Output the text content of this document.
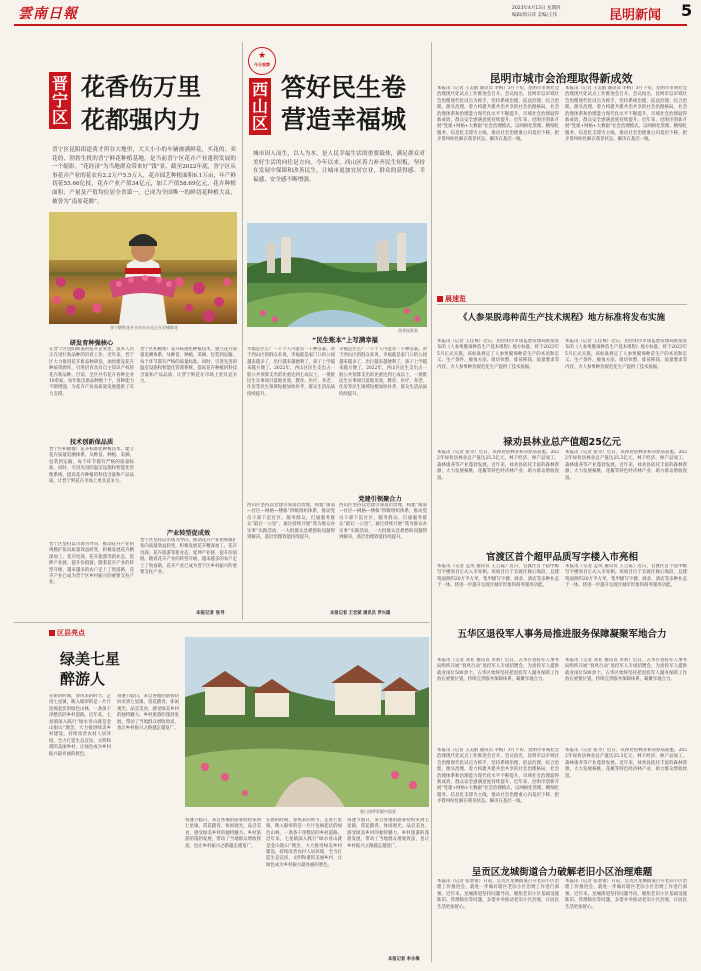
雲南日報	2023年4月13日 星期四
编辑/郭日萍 美编/王伟	昆明新闻 5
晋宁区
花香伤万里
花都强内力
晋宁区昆阳街道黄才所谷大地里，大大小小的车辆被满鲜花，买花的、卖花的，勃勃生机的晋宁鲜花种植基地，是当前晋宁区花卉产业蓬勃发展的一个缩影。“花经济”为当地群众带来好“钱”景。截至2022年底，晋宁区从事花卉产业的花农有2.2万户5.5万人，花卉园艺种植面积6.1万亩，年产鲜切花55.66亿枝，花卉产业产值34亿元，加工产值58.69亿元，花卉种植面积、产量及产值均位居全省第一，已成为全国唯一的鲜切花种植大县，被誉为“南原花都”。
晋宁钢铁花卉合作社社员正在采摘鲜花
研发育种强核心
在晋宁区昆阳街道的花卉企业里，技术人员正在进行新品种的培育工作。近年来，晋宁区大力推进花卉新品种研发，加快建设花卉种质资源库，引进培育具有自主知识产权的花卉新品种。目前，全区共有花卉育种企业10余家，每年推出新品种数十个，育种能力不断增强，为花卉产业高质量发展提供了有力支撑。
技术创新保品质
晋宁区积极推广花卉标准化种植技术，建立花卉质量追溯体系，从种苗、种植、采摘、包装到运输，每个环节都有严格的质量标准。同时，引进先进的温室设施和智能化管理系统，提高花卉种植的科技含量和产品品质，让晋宁鲜花在市场上更具竞争力。
产业转型促成效
晋宁区坚持以市场为导向，推动花卉产业由规模扩张向质量效益转变，积极发展花卉精深加工、花卉电商、花卉旅游等新业态，延伸产业链、提升价值链。随着花卉产业的转型升级，越来越多的农户走上了致富路，花卉产业已成为晋宁区乡村振兴的重要支柱产业。
晋宁区积极推广花卉标准化种植技术，建立花卉质量追溯体系，从种苗、种植、采摘、包装到运输，每个环节都有严格的质量标准。同时，引进先进的温室设施和智能化管理系统，提高花卉种植的科技含量和产品品质，让晋宁鲜花在市场上更具竞争力。
晋宁区坚持以市场为导向，推动花卉产业由规模扩张向质量效益转变，积极发展花卉精深加工、花卉电商、花卉旅游等新业态，延伸产业链、提升价值链。随着花卉产业的转型升级，越来越多的农户走上了致富路，花卉产业已成为晋宁区乡村振兴的重要支柱产业。
本报记者 张寻
★
今日观察
西山区
答好民生卷
营造幸福城
城市因人而生，以人为本，是人民幸福生活的重要载体，满足群众对美好生活的向往是方向。今年以来，西山区着力补齐民生短板，坚持在发展中保障和改善民生，让城市更加宜居宜业，群众的获得感、幸福感、安全感不断增强。
西华园景象
“民生账本”上写满幸福
幸福是什么？一千个人可能有一千种答案。对于西山区的群众来说，幸福就是家门口的公园越来越多了，出行越来越便利了，孩子上学越来越方便了。2022年，西山区民生支出占一般公共预算支出的比重达到七成以上，一批批民生实事项目落地见效，教育、医疗、养老、住房等民生领域短板加快补齐，群众生活品质持续提升。
幸福是什么？一千个人可能有一千种答案。对于西山区的群众来说，幸福就是家门口的公园越来越多了，出行越来越便利了，孩子上学越来越方便了。2022年，西山区民生支出占一般公共预算支出的比重达到七成以上，一批批民生实事项目落地见效，教育、医疗、养老、住房等民生领域短板加快补齐，群众生活品质持续提升。
党建引领聚合力
西山区坚持以党建引领基层治理，构建“街道—社区—网格—楼栋”四级组织体系，推动党员干部下沉社区、服务群众，打通服务群众“最后一公里”。通过持续开展“我为群众办实事”实践活动，一大批群众急难愁盼问题得到解决，基层治理效能持续提升。
西山区坚持以党建引领基层治理，构建“街道—社区—网格—楼栋”四级组织体系，推动党员干部下沉社区、服务群众，打通服务群众“最后一公里”。通过持续开展“我为群众办实事”实践活动，一大批群众急难愁盼问题得到解决，基层治理效能持续提升。
本报记者 王宏斌 通讯员 罗兴雄
昆明市城市会治理取得新成效
本报讯（记者 王美娟 通讯员 李梅）3月下旬，昆明市市域社会治理现代化试点工作推进会召开。会议指出，昆明市以市域社会治理现代化试点为抓手，坚持系统治理、依法治理、综合治理、源头治理，着力构建共建共治共享的社会治理格局，社会治理体系和治理能力现代化水平不断提升，市域社会治理取得新成效，群众安全感满意度持续提升。近年来，昆明市创新开展“党建+网格+大数据”社会治理模式，以网格化管理、精细化服务、信息化支撑为主线，推动社会治理重心向基层下移，把矛盾纠纷化解在萌芽状态、解决在基层一线。
本报讯（记者 王美娟 通讯员 李梅）3月下旬，昆明市市域社会治理现代化试点工作推进会召开。会议指出，昆明市以市域社会治理现代化试点为抓手，坚持系统治理、依法治理、综合治理、源头治理，着力构建共建共治共享的社会治理格局，社会治理体系和治理能力现代化水平不断提升，市域社会治理取得新成效，群众安全感满意度持续提升。近年来，昆明市创新开展“党建+网格+大数据”社会治理模式，以网格化管理、精细化服务、信息化支撑为主线，推动社会治理重心向基层下移，把矛盾纠纷化解在萌芽状态、解决在基层一线。
晨速览
《人参果脱毒种苗生产技术规程》地方标准将发布实施
本报讯（记者 王佳骞）近日，由昆明市市场监督管理局批准发布的《人参果脱毒种苗生产技术规程》地方标准，将于2023年5月正式实施。该标准规定了人参果脱毒种苗生产的术语和定义、生产条件、脱毒方法、组培快繁、炼苗移栽、质量要求等内容，为人参果种苗规范化生产提供了技术依据。
本报讯（记者 王佳骞）近日，由昆明市市场监督管理局批准发布的《人参果脱毒种苗生产技术规程》地方标准，将于2023年5月正式实施。该标准规定了人参果脱毒种苗生产的术语和定义、生产条件、脱毒方法、组培快繁、炼苗移栽、质量要求等内容，为人参果种苗规范化生产提供了技术依据。
禄劝县林业总产值超25亿元
本报讯（记者 张寻）近日，从禄劝县林业和草原局获悉，2022年禄劝县林业总产值达25.3亿元，林下经济、林产品加工、森林康养等产业蓬勃发展。近年来，禄劝县依托丰富的森林资源，大力发展核桃、花椒等特色经济林产业，助力群众增收致富。
本报讯（记者 张寻）近日，从禄劝县林业和草原局获悉，2022年禄劝县林业总产值达25.3亿元，林下经济、林产品加工、森林康养等产业蓬勃发展。近年来，禄劝县依托丰富的森林资源，大力发展核桃、花椒等特色经济林产业，助力群众增收致富。
官渡区首个超甲品质写字楼入市亮相
本报讯（记者 孟岚 通讯员 王云霞）近日，官渡区首个超甲级写字楼项目正式入市亮相。该项目位于官渡区核心地段，总建筑面积约20万平方米，集甲级写字楼、商业、酒店等多种业态于一体，将进一步提升官渡区城市形象和商务服务功能。
本报讯（记者 孟岚 通讯员 王云霞）近日，官渡区首个超甲级写字楼项目正式入市亮相。该项目位于官渡区核心地段，总建筑面积约20万平方米，集甲级写字楼、商业、酒店等多种业态于一体，将进一步提升官渡区城市形象和商务服务功能。
五华区退役军人事务局推进服务保障凝聚军地合力
本报讯（记者 邓亚 通讯员 李欣）近日，五华区退役军人事务局组织开展“春风行动”退役军人专场招聘会，为退役军人提供就业岗位500余个。五华区始终坚持把退役军人服务保障工作放在重要位置，持续完善服务保障体系，凝聚军地合力。
本报讯（记者 邓亚 通讯员 李欣）近日，五华区退役军人事务局组织开展“春风行动”退役军人专场招聘会，为退役军人提供就业岗位500余个。五华区始终坚持把退役军人服务保障工作放在重要位置，持续完善服务保障体系，凝聚军地合力。
呈贡区龙城街道合力破解老旧小区治理难题
本报讯（记者 张蕾蕾）日前，呈贡区龙城街道召开老旧小区治理工作推进会，就进一步做好辖区老旧小区治理工作进行部署。近年来，龙城街道坚持问题导向，聚焦老旧小区基础设施陈旧、管理缺位等问题，多措并举推动老旧小区治理，让居民生活更加舒心。
本报讯（记者 张蕾蕾）日前，呈贡区龙城街道召开老旧小区治理工作推进会，就进一步做好辖区老旧小区治理工作进行部署。近年来，龙城街道坚持问题导向，聚焦老旧小区基础设施陈旧、管理缺位等问题，多措并举推动老旧小区治理，让居民生活更加舒心。
本报讯（记者 王美娟 通讯员 李梅）3月下旬，昆明市市域社会治理现代化试点工作推进会召开。会议指出，昆明市以市域社会治理现代化试点为抓手，坚持系统治理、依法治理、综合治理、源头治理，着力构建共建共治共享的社会治理格局，社会治理体系和治理能力现代化水平不断提升，市域社会治理取得新成效，群众安全感满意度持续提升。近年来，昆明市创新开展“党建+网格+大数据”社会治理模式，以网格化管理、精细化服务、信息化支撑为主线，推动社会治理重心向基层下移，把矛盾纠纷化解在萌芽状态、解决在基层一线。
本报讯（记者 张寻）近日，从禄劝县林业和草原局获悉，2022年禄劝县林业总产值达25.3亿元，林下经济、林产品加工、森林康养等产业蓬勃发展。近年来，禄劝县依托丰富的森林资源，大力发展核桃、花椒等特色经济林产业，助力群众增收致富。
区县亮点
绿美七星
醉游人
在新的时期，春风来的时节，走进七星镇，映入眼帘的是一片片连绵起伏的绿色山林，一条条干净整洁的乡村道路。近年来，七星镇深入践行“绿水青山就是金山银山”理念，大力推进绿美乡村建设，持续改善农村人居环境，全力打造生态宜居、文明和谐的美丽乡村，让绿色成为乡村振兴最亮丽的底色。
每逢节假日，来自各地的游客纷纷来到七星镇，赏花踏青、休闲观光、品尝美食，感受绿美乡村的独特魅力。乡村旅游的蓬勃发展，带动了当地群众增收致富，也让乡村振兴之路越走越宽广。
鲁口翔呼彩繁中韵景
每逢节假日，来自各地的游客纷纷来到七星镇，赏花踏青、休闲观光、品尝美食，感受绿美乡村的独特魅力。乡村旅游的蓬勃发展，带动了当地群众增收致富，也让乡村振兴之路越走越宽广。
在新的时期，春风来的时节，走进七星镇，映入眼帘的是一片片连绵起伏的绿色山林，一条条干净整洁的乡村道路。近年来，七星镇深入践行“绿水青山就是金山银山”理念，大力推进绿美乡村建设，持续改善农村人居环境，全力打造生态宜居、文明和谐的美丽乡村，让绿色成为乡村振兴最亮丽的底色。
每逢节假日，来自各地的游客纷纷来到七星镇，赏花踏青、休闲观光、品尝美食，感受绿美乡村的独特魅力。乡村旅游的蓬勃发展，带动了当地群众增收致富，也让乡村振兴之路越走越宽广。
本报记者 李永梅
